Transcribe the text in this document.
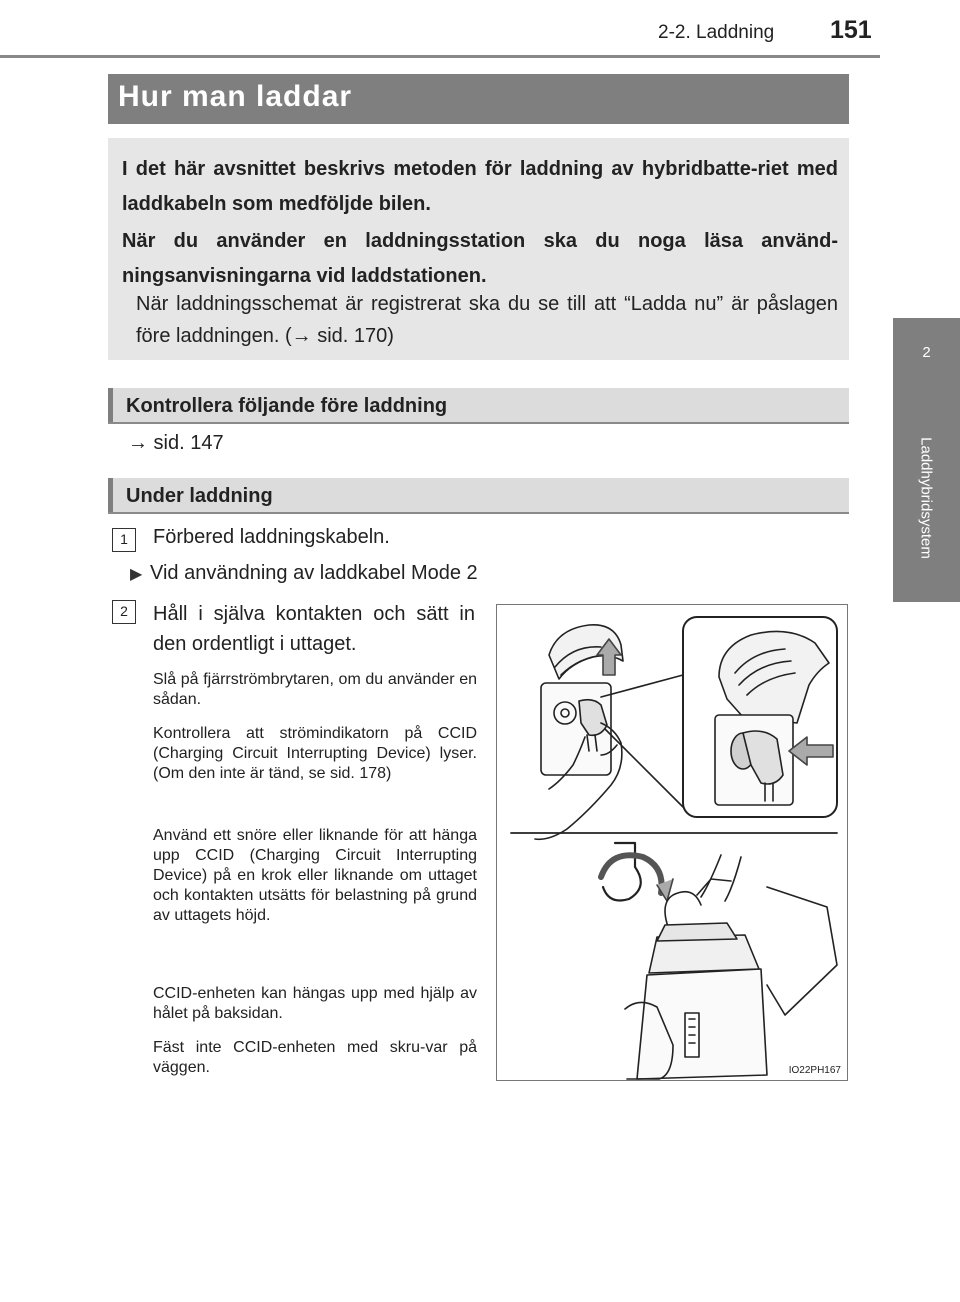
2-2. Laddning 151
2
Laddhybridsystem
Hur man laddar

I det här avsnittet beskrivs metoden för laddning av hybridbatte-riet med laddkabeln som medföljde bilen.

När du använder en laddningsstation ska du noga läsa använd-ningsanvisningarna vid laddstationen.

När laddningsschemat är registrerat ska du se till att “Ladda nu” är påslagen före laddningen. (→ sid. 170)

Kontrollera följande före laddning
→ sid. 147
Under laddning
1	Förbered laddningskabeln.
▶ Vid användning av laddkabel Mode 2
2	Håll i själva kontakten och sätt in den ordentligt i uttaget.
Slå på fjärrströmbrytaren, om du använder en sådan.
Kontrollera att strömindikatorn på CCID (Charging Circuit Interrupting Device) lyser. (Om den inte är tänd, se sid. 178)
Använd ett snöre eller liknande för att hänga upp CCID (Charging Circuit Interrupting Device) på en krok eller liknande om uttaget och kontakten utsätts för belastning på grund av uttagets höjd.
CCID-enheten kan hängas upp med hjälp av hålet på baksidan.
Fäst inte CCID-enheten med skru-var på väggen.	IO22PH167
